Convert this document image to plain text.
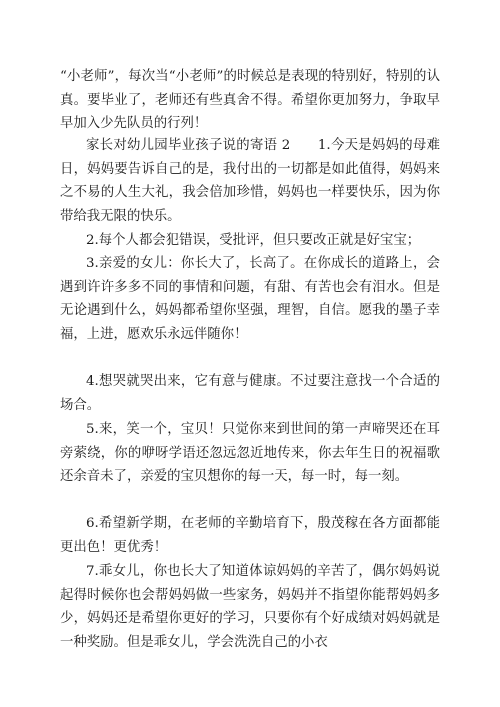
“小老师”，每次当“小老师”的时候总是表现的特别好，特别的认真。要毕业了，老师还有些真舍不得。希望你更加努力，争取早早加入少先队员的行列！

家长对幼儿园毕业孩子说的寄语 2　　1.今天是妈妈的母难日，妈妈要告诉自己的是，我付出的一切都是如此值得，妈妈来之不易的人生大礼，我会倍加珍惜，妈妈也一样要快乐，因为你带给我无限的快乐。

2.每个人都会犯错误，受批评，但只要改正就是好宝宝；

3.亲爱的女儿：你长大了，长高了。在你成长的道路上，会遇到许许多多不同的事情和问题，有甜、有苦也会有泪水。但是无论遇到什么，妈妈都希望你坚强，理智，自信。愿我的墨子幸福，上进，愿欢乐永远伴随你！

4.想哭就哭出来，它有意与健康。不过要注意找一个合适的场合。

5.来，笑一个，宝贝！只觉你来到世间的第一声啼哭还在耳旁萦绕，你的咿呀学语还忽远忽近地传来，你去年生日的祝福歌还余音未了，亲爱的宝贝想你的每一天，每一时，每一刻。

6.希望新学期，在老师的辛勤培育下，殷茂稼在各方面都能更出色！更优秀！

7.乖女儿，你也长大了知道体谅妈妈的辛苦了，偶尔妈妈说起得时候你也会帮妈妈做一些家务，妈妈并不指望你能帮妈妈多少，妈妈还是希望你更好的学习，只要你有个好成绩对妈妈就是一种奖励。但是乖女儿，学会洗洗自己的小衣
